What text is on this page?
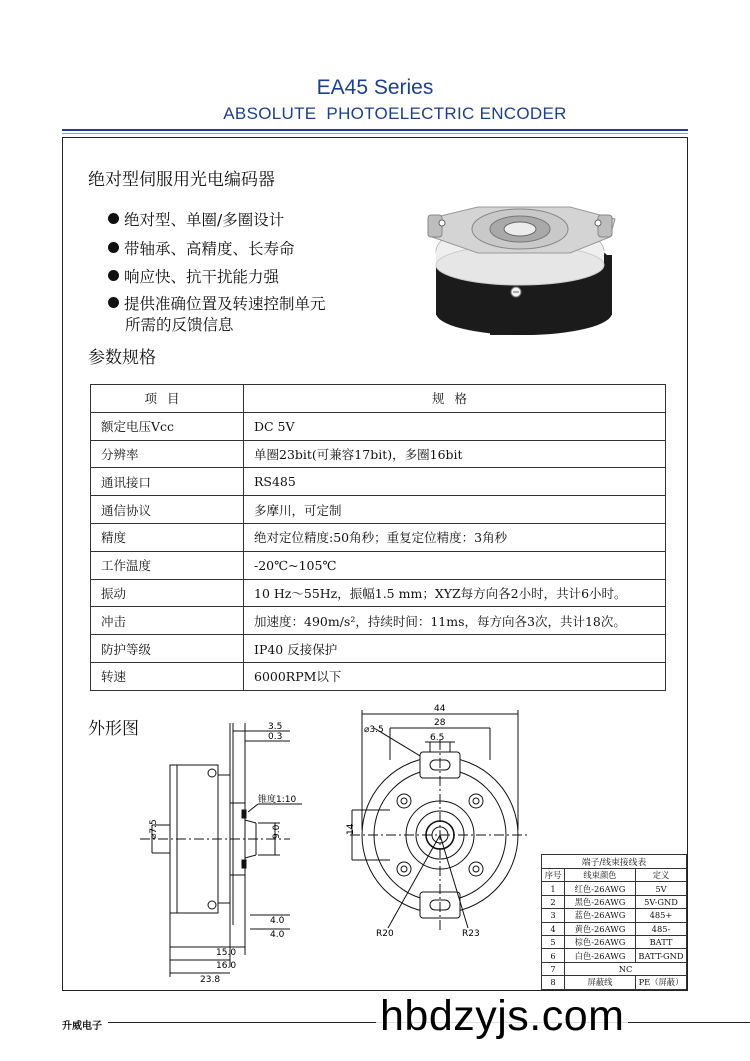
EA45 Series
ABSOLUTE  PHOTOELECTRIC ENCODER
绝对型伺服用光电编码器
绝对型、单圈/多圈设计
带轴承、高精度、长寿命
响应快、抗干扰能力强
提供准确位置及转速控制单元
所需的反馈信息
参数规格
项目	规格
额定电压Vcc	DC 5V
分辨率	单圈23bit(可兼容17bit)，多圈16bit
通讯接口	RS485
通信协议	多摩川，可定制
精度	绝对定位精度:50角秒；重复定位精度：3角秒
工作温度	-20℃~105℃
振动	10 Hz～55Hz，振幅1.5 mm；XYZ每方向各2小时，共计6小时。
冲击	加速度：490m/s²，持续时间：11ms，每方向各3次，共计18次。
防护等级	IP40 反接保护
转速	6000RPM以下
外形图	3.5
0.3
锥度1:10
⌀7.5	9.0
4.0
4.0
15.0
16.0
23.8
44
28
⌀3.5
6.5
14
R20	R23
端子/线束接线表		
序号	线束颜色	定义
1	红色-26AWG	5V
2	黑色-26AWG	5V-GND
3	蓝色-26AWG	485+
4	黄色-26AWG	485-
5	棕色-26AWG	BATT
6	白色-26AWG	BATT-GND
7	NC	
8	屏蔽线	PE（屏蔽）
升威电子	hbdzyjs.com
